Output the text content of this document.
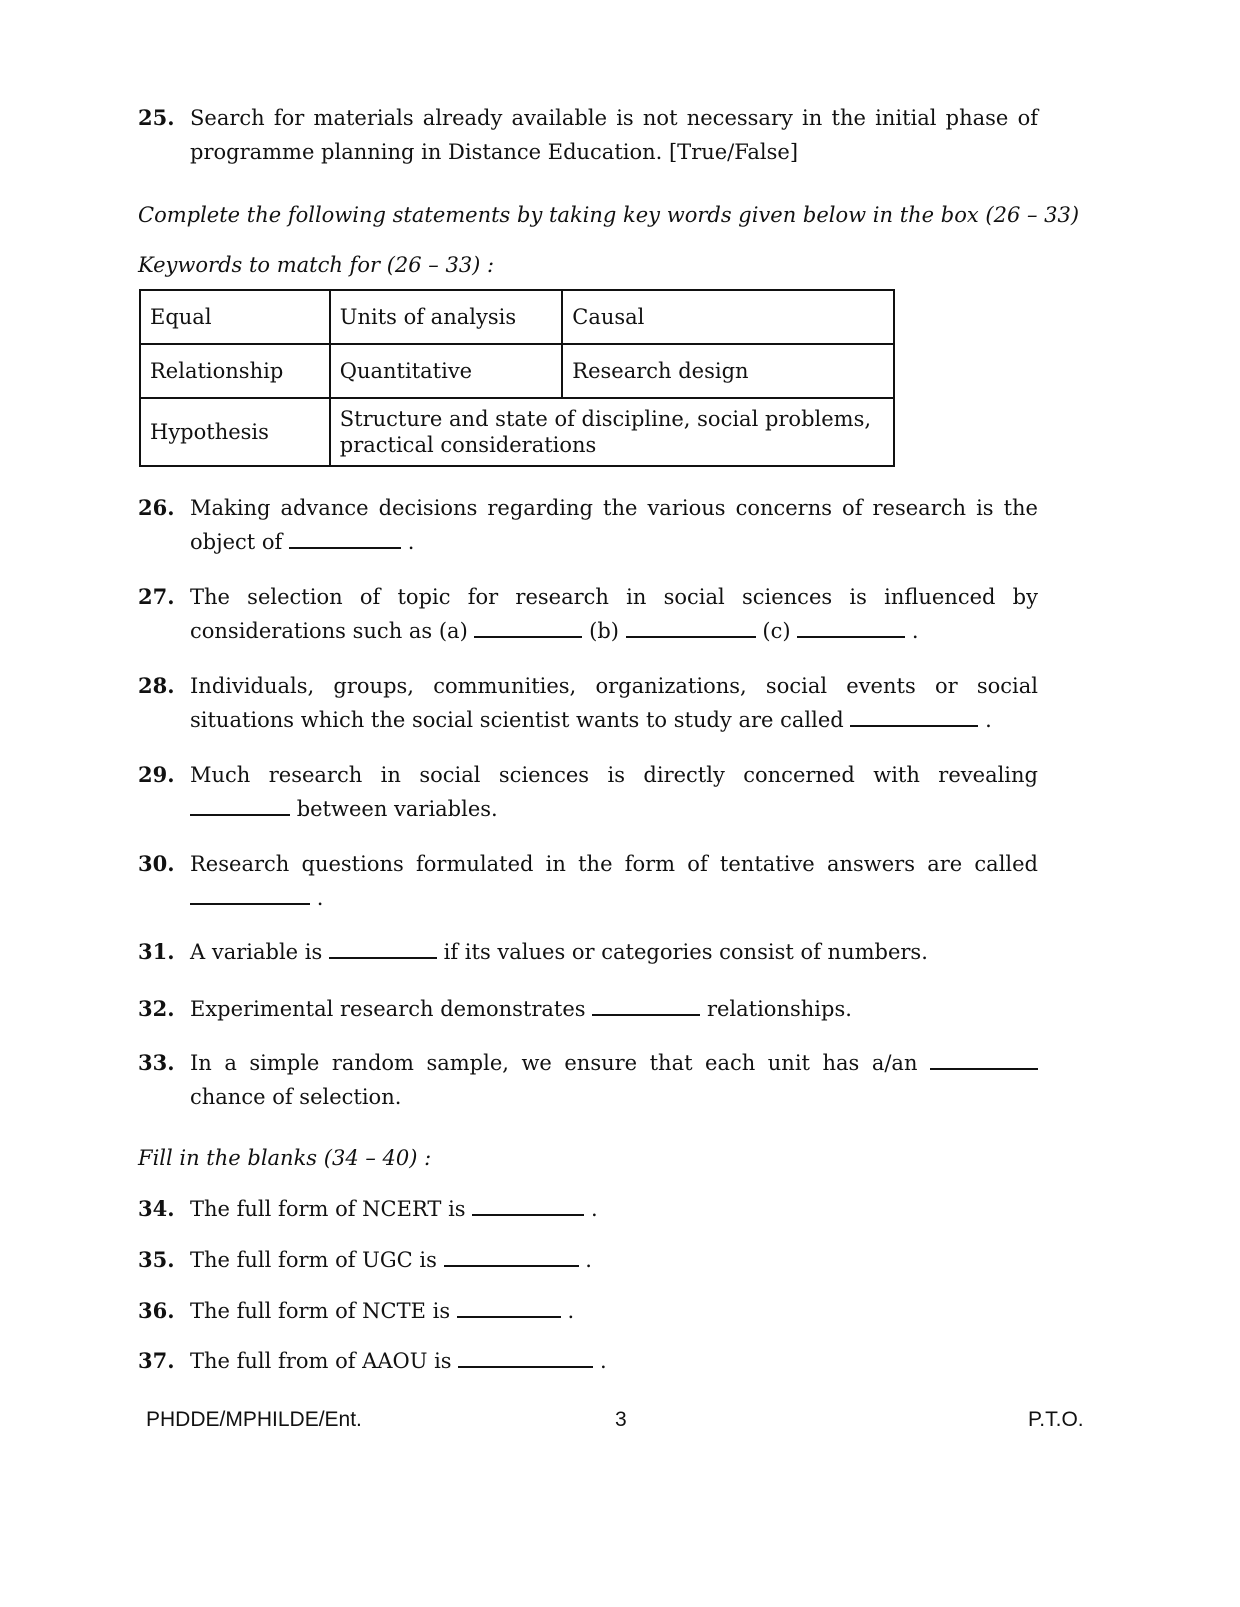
25. Search for materials already available is not necessary in the initial phase of programme planning in Distance Education. [True/False]
Complete the following statements by taking key words given below in the box (26 – 33)
Keywords to match for (26 – 33) :
Equal	Units of analysis	Causal
Relationship	Quantitative	Research design
Hypothesis	Structure and state of discipline, social problems, practical considerations	
26. Making advance decisions regarding the various concerns of research is the object of	.
27. The selection of topic for research in social sciences is influenced by considerations such as (a)	(b)	(c)	.
28. Individuals, groups, communities, organizations, social events or social situations which the social scientist wants to study are called	.
29. Much research in social sciences is directly concerned with revealing  between variables.
30. Research questions formulated in the form of tentative answers are called  .
31. A variable is	if its values or categories consist of numbers.
32. Experimental research demonstrates	relationships.
33. In a simple random sample, we ensure that each unit has a/an  chance of selection.
Fill in the blanks (34 – 40) :
34. The full form of NCERT is	.
35. The full form of UGC is	.
36. The full form of NCTE is	.
37. The full from of AAOU is	.
PHDDE/MPHILDE/Ent.	3	P.T.O.
